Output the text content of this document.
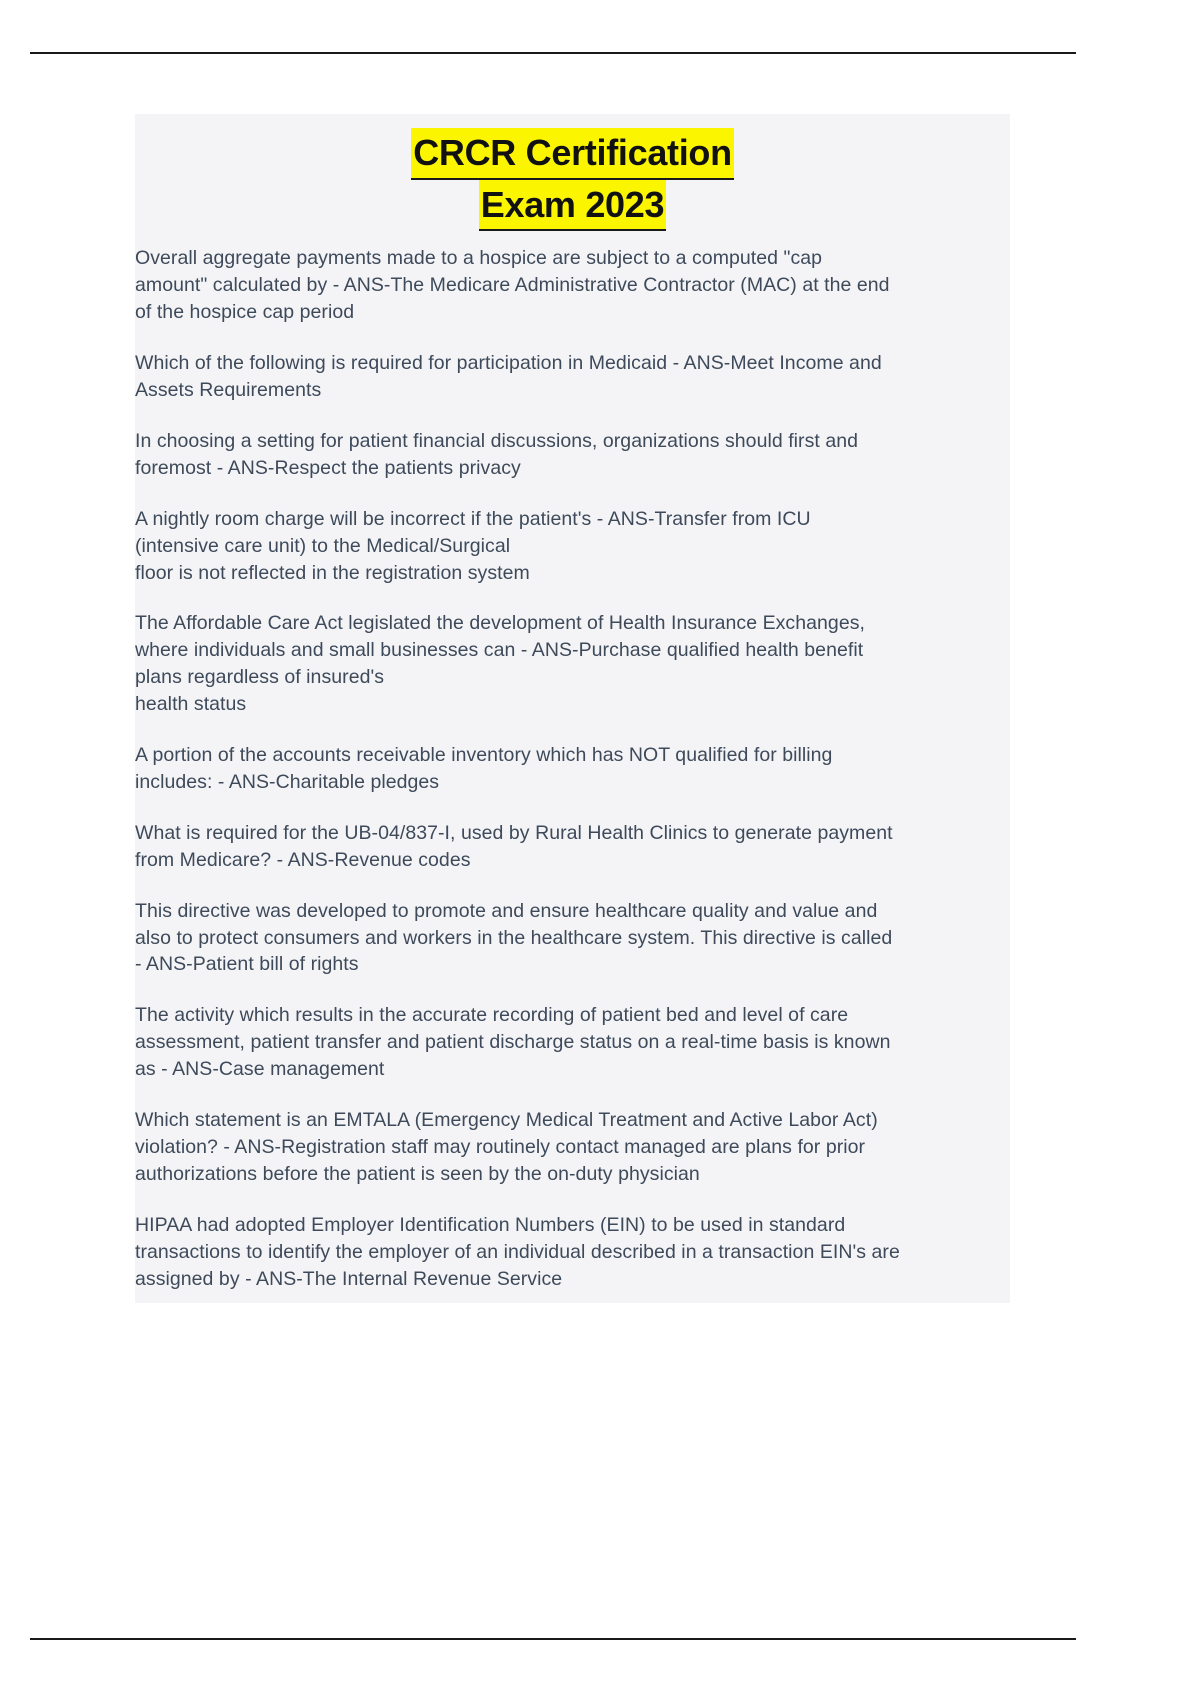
CRCR Certification
Exam 2023

Overall aggregate payments made to a hospice are subject to a computed "cap
amount" calculated by - ANS-The Medicare Administrative Contractor (MAC) at the end
of the hospice cap period

Which of the following is required for participation in Medicaid - ANS-Meet Income and
Assets Requirements

In choosing a setting for patient financial discussions, organizations should first and
foremost - ANS-Respect the patients privacy

A nightly room charge will be incorrect if the patient's - ANS-Transfer from ICU
(intensive care unit) to the Medical/Surgical
floor is not reflected in the registration system

The Affordable Care Act legislated the development of Health Insurance Exchanges,
where individuals and small businesses can - ANS-Purchase qualified health benefit
plans regardless of insured's
health status

A portion of the accounts receivable inventory which has NOT qualified for billing
includes: - ANS-Charitable pledges

What is required for the UB-04/837-I, used by Rural Health Clinics to generate payment
from Medicare? - ANS-Revenue codes

This directive was developed to promote and ensure healthcare quality and value and
also to protect consumers and workers in the healthcare system. This directive is called
- ANS-Patient bill of rights

The activity which results in the accurate recording of patient bed and level of care
assessment, patient transfer and patient discharge status on a real-time basis is known
as - ANS-Case management

Which statement is an EMTALA (Emergency Medical Treatment and Active Labor Act)
violation? - ANS-Registration staff may routinely contact managed are plans for prior
authorizations before the patient is seen by the on-duty physician

HIPAA had adopted Employer Identification Numbers (EIN) to be used in standard
transactions to identify the employer of an individual described in a transaction EIN's are
assigned by - ANS-The Internal Revenue Service
